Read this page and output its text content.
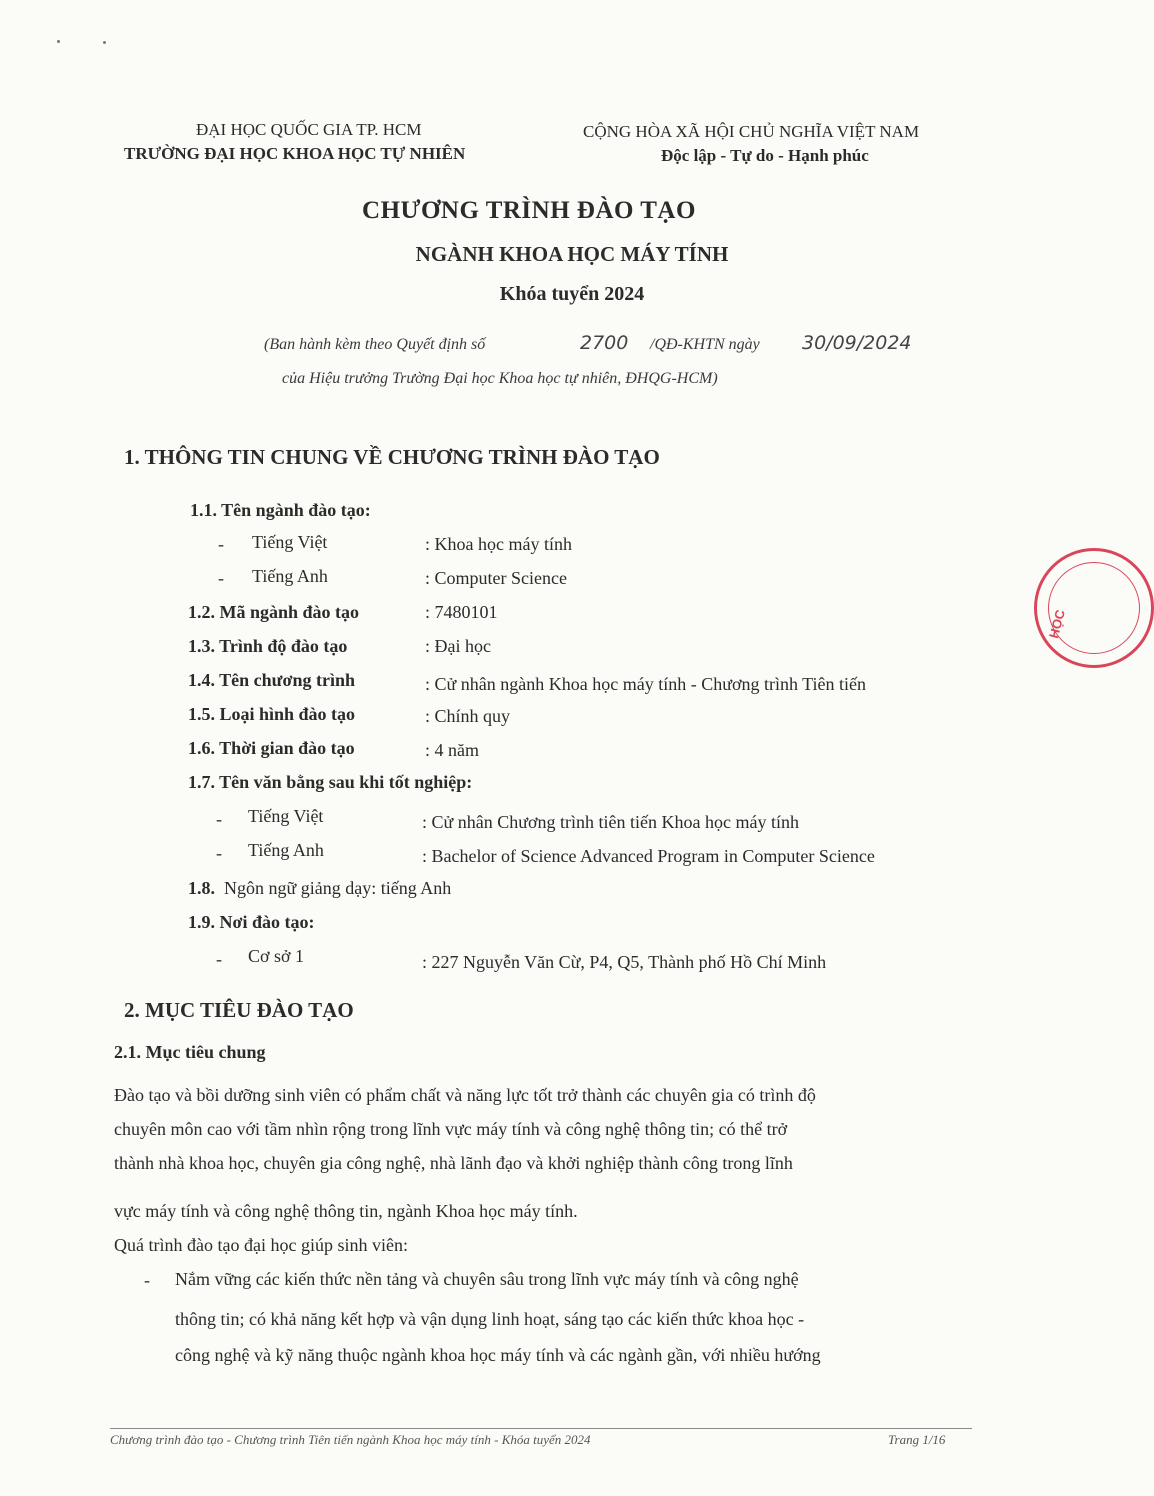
ĐẠI HỌC QUỐC GIA TP. HCM
TRƯỜNG ĐẠI HỌC KHOA HỌC TỰ NHIÊN
CỘNG HÒA XÃ HỘI CHỦ NGHĨA VIỆT NAM
Độc lập - Tự do - Hạnh phúc
CHƯƠNG TRÌNH ĐÀO TẠO
NGÀNH KHOA HỌC MÁY TÍNH
Khóa tuyển 2024
(Ban hành kèm theo Quyết định số	2700 /QĐ-KHTN ngày 30/09/2024
của Hiệu trưởng Trường Đại học Khoa học tự nhiên, ĐHQG-HCM)
1. THÔNG TIN CHUNG VỀ CHƯƠNG TRÌNH ĐÀO TẠO
1.1. Tên ngành đào tạo:
- Tiếng Việt	: Khoa học máy tính
- Tiếng Anh	: Computer Science
1.2. Mã ngành đào tạo	: 7480101
1.3. Trình độ đào tạo	: Đại học
1.4. Tên chương trình	: Cử nhân ngành Khoa học máy tính - Chương trình Tiên tiến
1.5. Loại hình đào tạo	: Chính quy
1.6. Thời gian đào tạo	: 4 năm
1.7. Tên văn bằng sau khi tốt nghiệp:
- Tiếng Việt	: Cử nhân Chương trình tiên tiến Khoa học máy tính
- Tiếng Anh	: Bachelor of Science Advanced Program in Computer Science
1.8. Ngôn ngữ giảng dạy: tiếng Anh
1.9. Nơi đào tạo:
- Cơ sở 1	: 227 Nguyễn Văn Cừ, P4, Q5, Thành phố Hồ Chí Minh
2. MỤC TIÊU ĐÀO TẠO
2.1. Mục tiêu chung
Đào tạo và bồi dưỡng sinh viên có phẩm chất và năng lực tốt trở thành các chuyên gia có trình độ
chuyên môn cao với tầm nhìn rộng trong lĩnh vực máy tính và công nghệ thông tin; có thể trở
thành nhà khoa học, chuyên gia công nghệ, nhà lãnh đạo và khởi nghiệp thành công trong lĩnh
vực máy tính và công nghệ thông tin, ngành Khoa học máy tính.
Quá trình đào tạo đại học giúp sinh viên:
- Nắm vững các kiến thức nền tảng và chuyên sâu trong lĩnh vực máy tính và công nghệ
thông tin; có khả năng kết hợp và vận dụng linh hoạt, sáng tạo các kiến thức khoa học -
công nghệ và kỹ năng thuộc ngành khoa học máy tính và các ngành gần, với nhiều hướng
Chương trình đào tạo - Chương trình Tiên tiến ngành Khoa học máy tính - Khóa tuyển 2024	Trang 1/16
HỌC
